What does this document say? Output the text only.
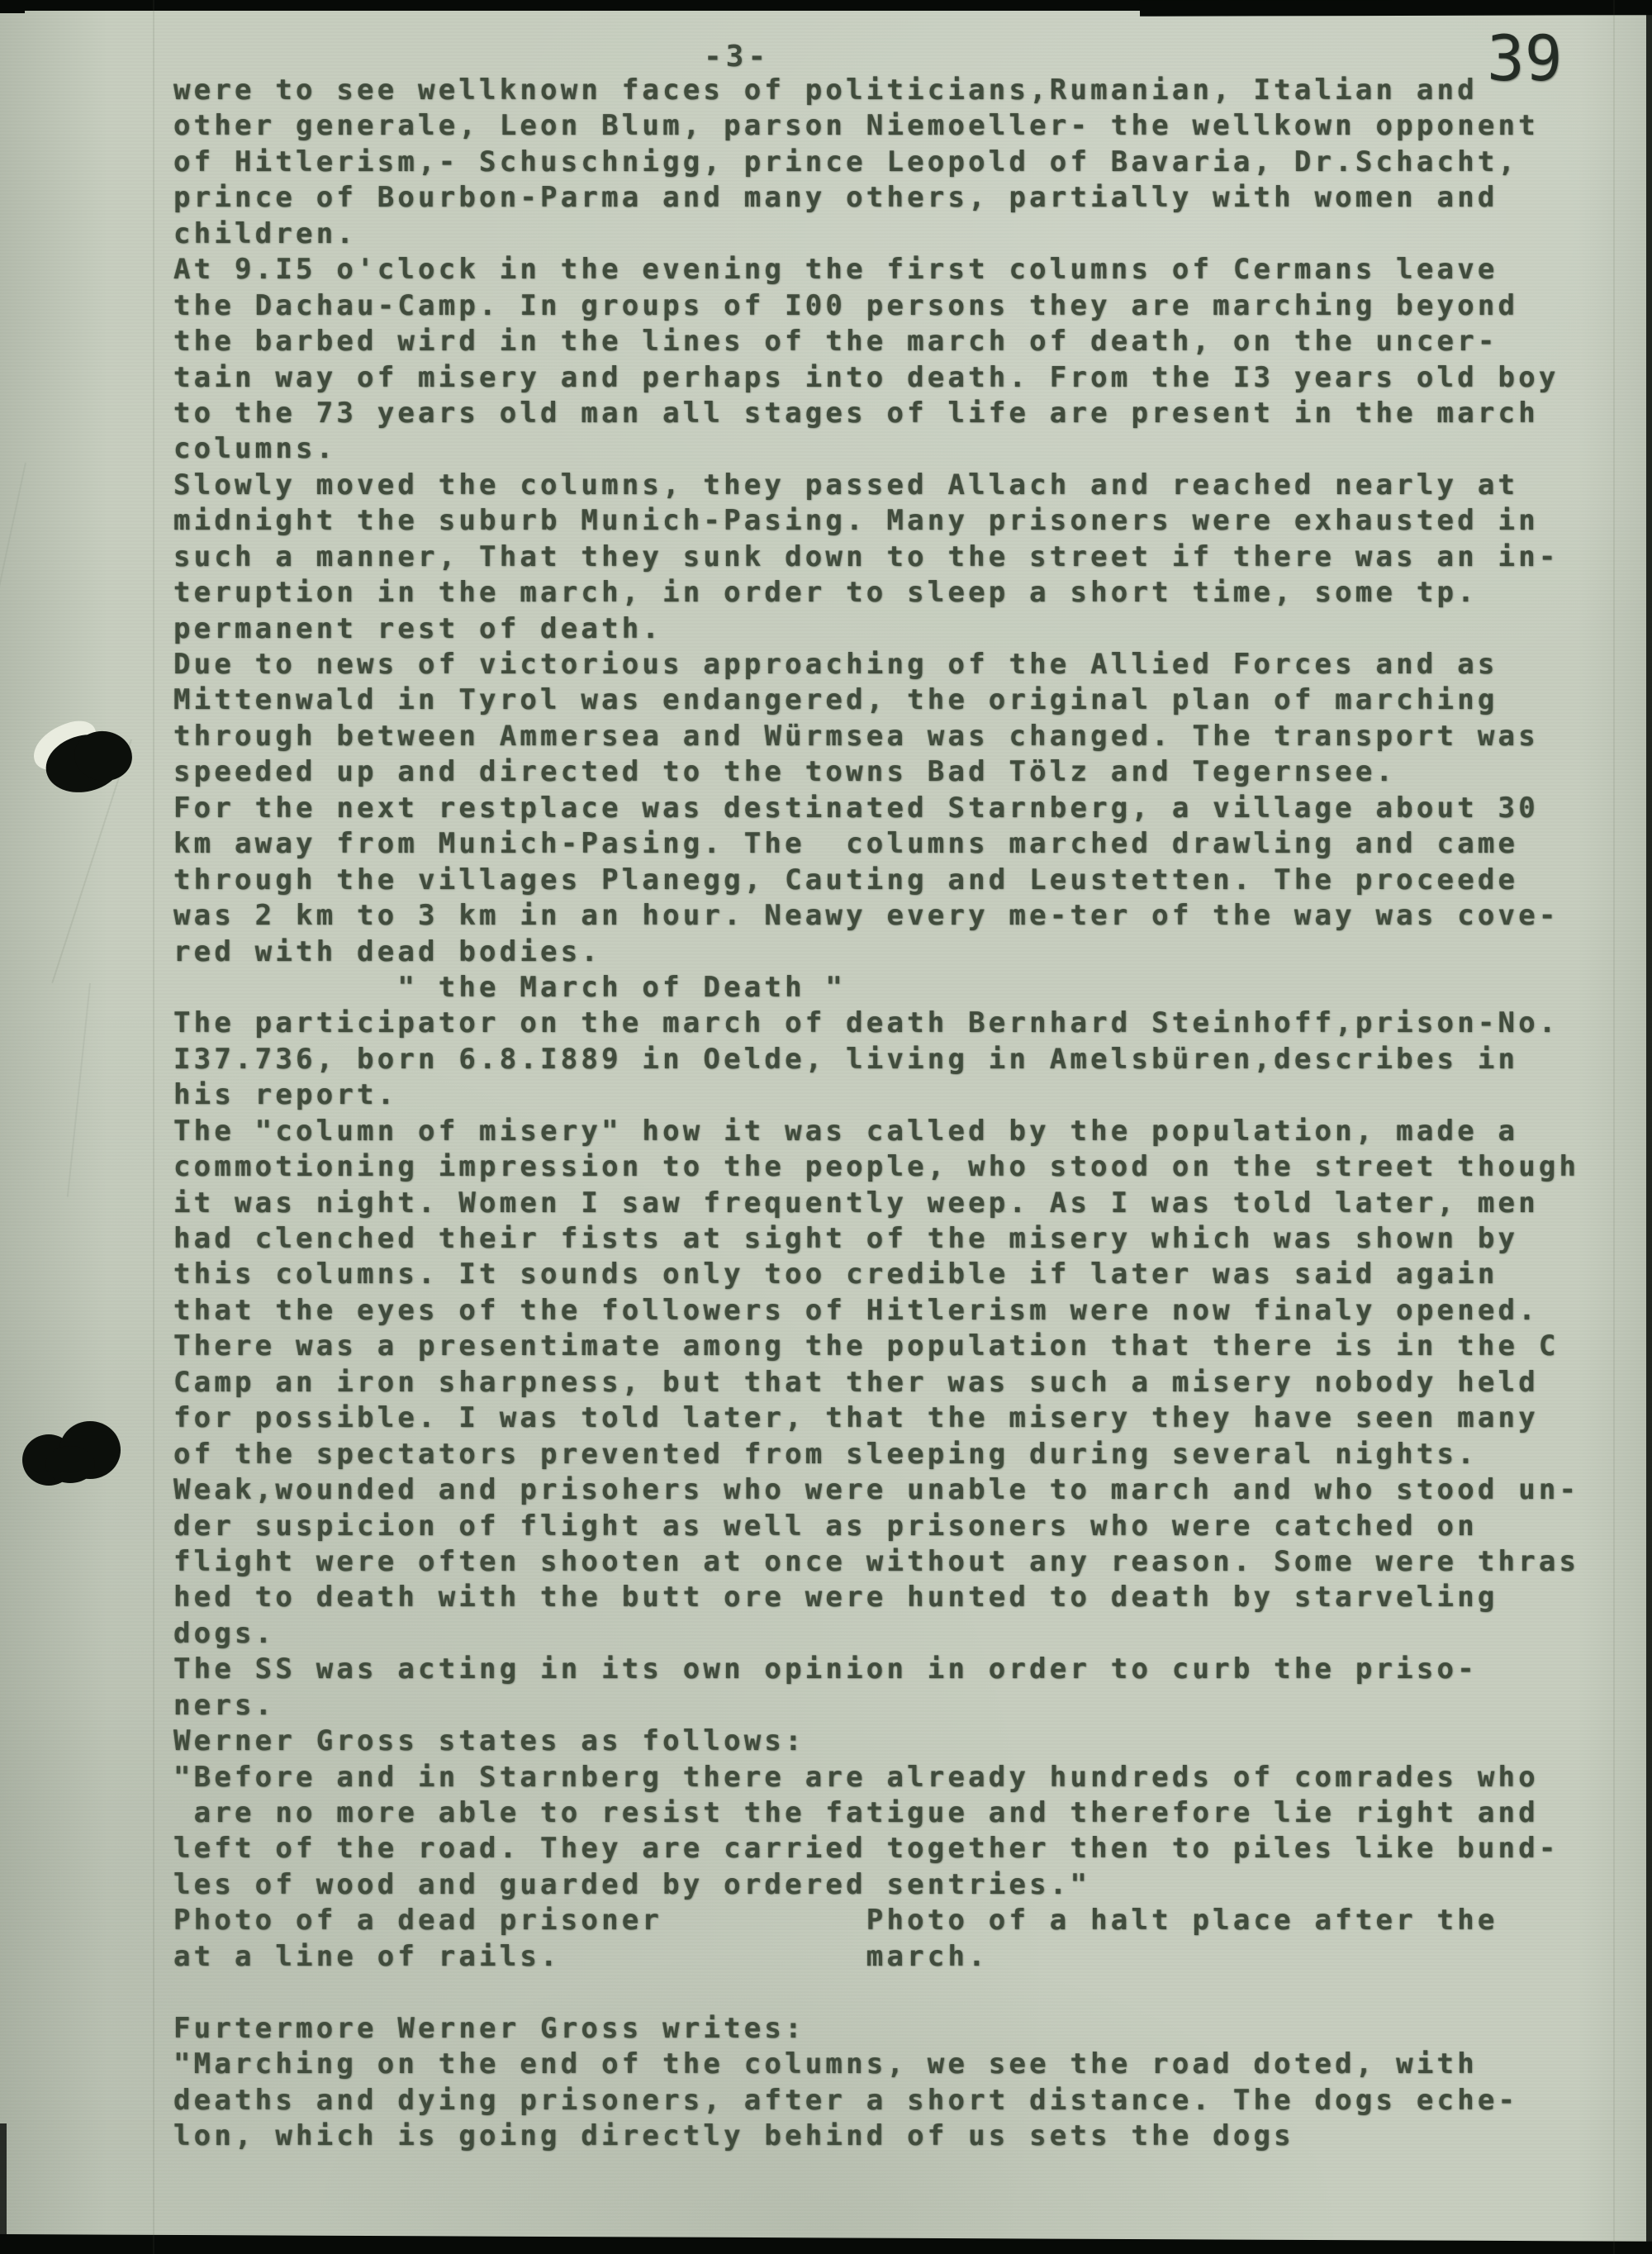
-3-	39
were to see wellknown faces of politicians,Rumanian, Italian and
other generale, Leon Blum, parson Niemoeller- the wellkown opponent
of Hitlerism,- Schuschnigg, prince Leopold of Bavaria, Dr.Schacht,
prince of Bourbon-Parma and many others, partially with women and
children.
At 9.I5 o'clock in the evening the first columns of Cermans leave
the Dachau-Camp. In groups of I00 persons they are marching beyond
the barbed wird in the lines of the march of death, on the uncer-
tain way of misery and perhaps into death. From the I3 years old boy
to the 73 years old man all stages of life are present in the march
columns.
Slowly moved the columns, they passed Allach and reached nearly at
midnight the suburb Munich-Pasing. Many prisoners were exhausted in
such a manner, That they sunk down to the street if there was an in-
teruption in the march, in order to sleep a short time, some tp.
permanent rest of death.
Due to news of victorious approaching of the Allied Forces and as
Mittenwald in Tyrol was endangered, the original plan of marching
through between Ammersea and Würmsea was changed. The transport was
speeded up and directed to the towns Bad Tölz and Tegernsee.
For the next restplace was destinated Starnberg, a village about 30
km away from Munich-Pasing. The  columns marched drawling and came
through the villages Planegg, Cauting and Leustetten. The proceede
was 2 km to 3 km in an hour. Neawy every me-ter of the way was cove-
red with dead bodies.
" the March of Death "
The participator on the march of death Bernhard Steinhoff,prison-No.
I37.736, born 6.8.I889 in Oelde, living in Amelsbüren,describes in
his report.
The "column of misery" how it was called by the population, made a
commotioning impression to the people, who stood on the street though
it was night. Women I saw frequently weep. As I was told later, men
had clenched their fists at sight of the misery which was shown by
this columns. It sounds only too credible if later was said again
that the eyes of the followers of Hitlerism were now finaly opened.
There was a presentimate among the population that there is in the C
Camp an iron sharpness, but that ther was such a misery nobody held
for possible. I was told later, that the misery they have seen many
of the spectators prevented from sleeping during several nights.
Weak,wounded and prisohers who were unable to march and who stood un-
der suspicion of flight as well as prisoners who were catched on
flight were often shooten at once without any reason. Some were thras
hed to death with the butt ore were hunted to death by starveling
dogs.
The SS was acting in its own opinion in order to curb the priso-
ners.
Werner Gross states as follows:
"Before and in Starnberg there are already hundreds of comrades who
are no more able to resist the fatigue and therefore lie right and
left of the road. They are carried together then to piles like bund-
les of wood and guarded by ordered sentries."
Photo of a dead prisoner          Photo of a halt place after the
at a line of rails.               march.

Furtermore Werner Gross writes:
"Marching on the end of the columns, we see the road doted, with
deaths and dying prisoners, after a short distance. The dogs eche-
lon, which is going directly behind of us sets the dogs
